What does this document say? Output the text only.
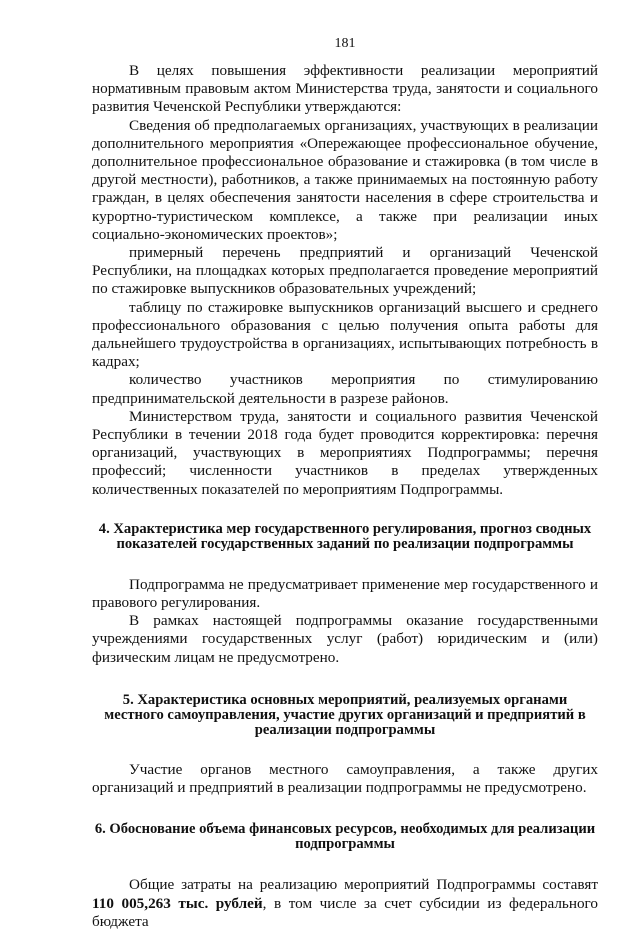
181

В целях повышения эффективности реализации мероприятий нормативным правовым актом Министерства труда, занятости и социального развития Чеченской Республики утверждаются:

Сведения об предполагаемых организациях, участвующих в реализации дополнительного мероприятия «Опережающее профессиональное обучение, дополнительное профессиональное образование и стажировка (в том числе в другой местности), работников, а также принимаемых на постоянную работу граждан, в целях обеспечения занятости населения в сфере строительства и курортно-туристическом комплексе, а также при реализации иных социально-экономических проектов»;

примерный перечень предприятий и организаций Чеченской Республики, на площадках которых предполагается проведение мероприятий по стажировке выпускников образовательных учреждений;

таблицу по стажировке выпускников организаций высшего и среднего профессионального образования с целью получения опыта работы для дальнейшего трудоустройства в организациях, испытывающих потребность в кадрах;

количество участников мероприятия по стимулированию предпринимательской деятельности в разрезе районов.

Министерством труда, занятости и социального развития Чеченской Республики в течении 2018 года будет проводится корректировка: перечня организаций, участвующих в мероприятиях Подпрограммы; перечня профессий; численности участников в пределах утвержденных количественных показателей по мероприятиям Подпрограммы.

4. Характеристика мер государственного регулирования, прогноз сводных показателей государственных заданий по реализации подпрограммы

Подпрограмма не предусматривает применение мер государственного и правового регулирования.

В рамках настоящей подпрограммы оказание государственными учреждениями государственных услуг (работ) юридическим и (или) физическим лицам не предусмотрено.

5. Характеристика основных мероприятий, реализуемых органами местного самоуправления, участие других организаций и предприятий в реализации подпрограммы

Участие органов местного самоуправления, а также других организаций и предприятий в реализации подпрограммы не предусмотрено.

6. Обоснование объема финансовых ресурсов, необходимых для реализации подпрограммы

Общие затраты на реализацию мероприятий Подпрограммы составят 110 005,263 тыс. рублей, в том числе за счет субсидии из федерального бюджета
